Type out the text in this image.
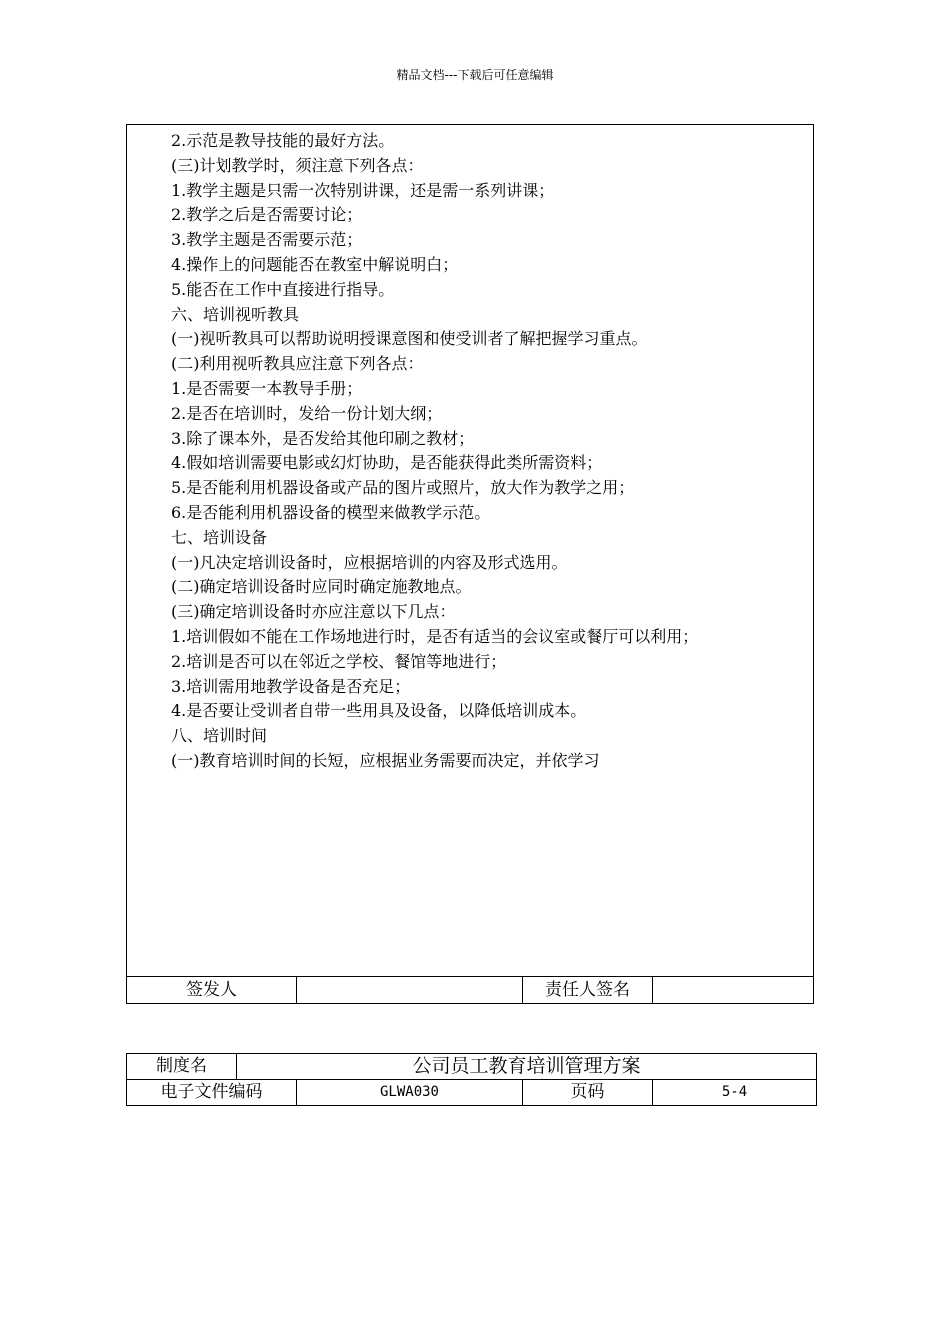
精品文档---下载后可任意编辑
2.示范是教导技能的最好方法。
(三)计划教学时，须注意下列各点：
1.教学主题是只需一次特别讲课，还是需一系列讲课；
2.教学之后是否需要讨论；
3.教学主题是否需要示范；
4.操作上的问题能否在教室中解说明白；
5.能否在工作中直接进行指导。
六、培训视听教具
(一)视听教具可以帮助说明授课意图和使受训者了解把握学习重点。
(二)利用视听教具应注意下列各点：
1.是否需要一本教导手册；
2.是否在培训时，发给一份计划大纲；
3.除了课本外，是否发给其他印刷之教材；
4.假如培训需要电影或幻灯协助，是否能获得此类所需资料；
5.是否能利用机器设备或产品的图片或照片，放大作为教学之用；
6.是否能利用机器设备的模型来做教学示范。
七、培训设备
(一)凡决定培训设备时，应根据培训的内容及形式选用。
(二)确定培训设备时应同时确定施教地点。
(三)确定培训设备时亦应注意以下几点：
1.培训假如不能在工作场地进行时，是否有适当的会议室或餐厅可以利用；
2.培训是否可以在邻近之学校、餐馆等地进行；
3.培训需用地教学设备是否充足；
4.是否要让受训者自带一些用具及设备，以降低培训成本。
八、培训时间
(一)教育培训时间的长短，应根据业务需要而决定，并依学习
签发人	责任人签名
制度名	公司员工教育培训管理方案			
电子文件编码		GLWA030	页码	5-4
